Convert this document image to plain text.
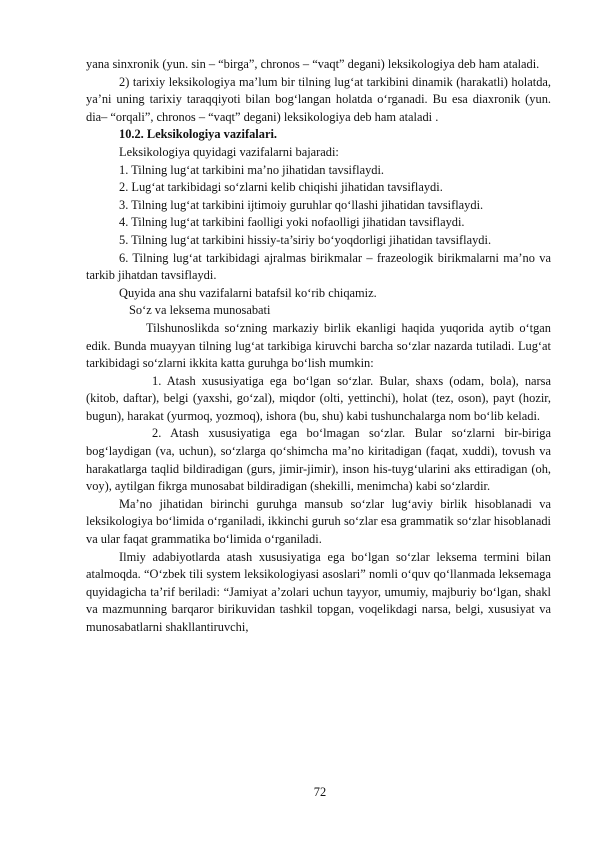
yana sinxronik (yun. sin – “birga”, chronos – “vaqt” degani) leksikologiya deb ham ataladi.

2) tarixiy leksikologiya ma’lum bir tilning lug‘at tarkibini dinamik (harakatli) holatda, ya’ni uning tarixiy taraqqiyoti bilan bog‘langan holatda o‘rganadi. Bu esa diaxronik (yun. dia– “orqali”, chronos – “vaqt” degani) leksikologiya deb ham ataladi .

10.2. Leksikologiya vazifalari.

Leksikologiya quyidagi vazifalarni bajaradi:

1. Tilning lug‘at tarkibini ma’no jihatidan tavsiflaydi.

2. Lug‘at tarkibidagi so‘zlarni kelib chiqishi jihatidan tavsiflaydi.

3. Tilning lug‘at tarkibini ijtimoiy guruhlar qo‘llashi jihatidan tavsiflaydi.

4. Tilning lug‘at tarkibini faolligi yoki nofaolligi jihatidan tavsiflaydi.

5. Tilning lug‘at tarkibini hissiy-ta’siriy bo‘yoqdorligi jihatidan tavsiflaydi.

6. Tilning lug‘at tarkibidagi ajralmas birikmalar – frazeologik birikmalarni ma’no va tarkib jihatdan tavsiflaydi.

Quyida ana shu vazifalarni batafsil ko‘rib chiqamiz.

So‘z va leksema munosabati

Tilshunoslikda so‘zning markaziy birlik ekanligi haqida yuqorida aytib o‘tgan edik. Bunda muayyan tilning lug‘at tarkibiga kiruvchi barcha so‘zlar nazarda tutiladi. Lug‘at tarkibidagi so‘zlarni ikkita katta guruhga bo‘lish mumkin:

1. Atash xususiyatiga ega bo‘lgan so‘zlar. Bular, shaxs (odam, bola), narsa (kitob, daftar), belgi (yaxshi, go‘zal), miqdor (olti, yettinchi), holat (tez, oson), payt (hozir, bugun), harakat (yurmoq, yozmoq), ishora (bu, shu) kabi tushunchalarga nom bo‘lib keladi.

2. Atash xususiyatiga ega bo‘lmagan so‘zlar. Bular so‘zlarni bir-biriga bog‘laydigan (va, uchun), so‘zlarga qo‘shimcha ma’no kiritadigan (faqat, xuddi), tovush va harakatlarga taqlid bildiradigan (gurs, jimir-jimir), inson his-tuyg‘ularini aks ettiradigan (oh, voy), aytilgan fikrga munosabat bildiradigan (shekilli, menimcha) kabi so‘zlardir.

Ma’no jihatidan birinchi guruhga mansub so‘zlar lug‘aviy birlik hisoblanadi va leksikologiya bo‘limida o‘rganiladi, ikkinchi guruh so‘zlar esa grammatik so‘zlar hisoblanadi va ular faqat grammatika bo‘limida o‘rganiladi.

Ilmiy adabiyotlarda atash xususiyatiga ega bo‘lgan so‘zlar leksema termini bilan atalmoqda. “O‘zbek tili system leksikologiyasi asoslari” nomli o‘quv qo‘llanmada leksemaga quyidagicha ta’rif beriladi: “Jamiyat a’zolari uchun tayyor, umumiy, majburiy bo‘lgan, shakl va mazmunning barqaror birikuvidan tashkil topgan, voqelikdagi narsa, belgi, xususiyat va munosabatlarni shakllantiruvchi,

72
